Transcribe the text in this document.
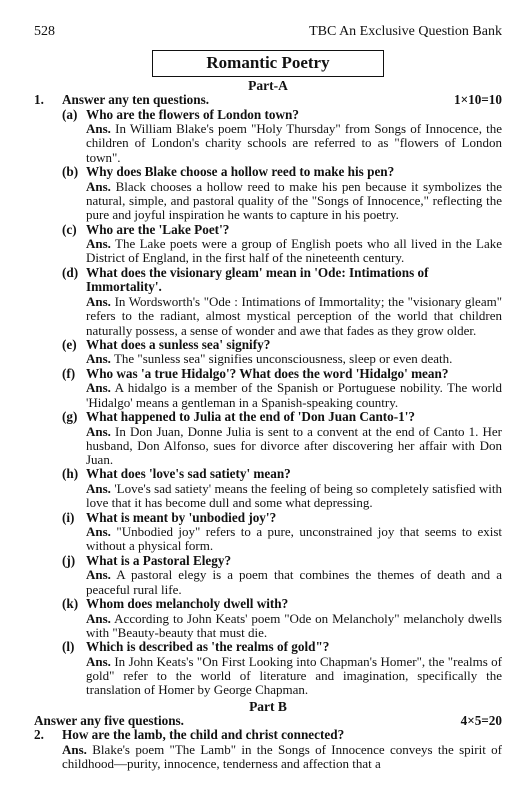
528	TBC An Exclusive Question Bank
Romantic Poetry
Part-A
1.	Answer any ten questions.	1×10=10
(a) Who are the flowers of London town?
Ans. In William Blake's poem "Holy Thursday" from Songs of Innocence, the children of London's charity schools are referred to as "flowers of London town".
(b) Why does Blake choose a hollow reed to make his pen?
Ans. Black chooses a hollow reed to make his pen because it symbolizes the natural, simple, and pastoral quality of the "Songs of Innocence," reflecting the pure and joyful inspiration he wants to capture in his poetry.
(c) Who are the 'Lake Poet'?
Ans. The Lake poets were a group of English poets who all lived in the Lake District of England, in the first half of the nineteenth century.
(d) What does the visionary gleam' mean in 'Ode: Intimations of Immortality'.
Ans. In Wordsworth's "Ode : Intimations of Immortality; the "visionary gleam" refers to the radiant, almost mystical perception of the world that children naturally possess, a sense of wonder and awe that fades as they grow older.
(e) What does a sunless sea' signify?
Ans. The "sunless sea" signifies unconsciousness, sleep or even death.
(f) Who was 'a true Hidalgo'? What does the word 'Hidalgo' mean?
Ans. A hidalgo is a member of the Spanish or Portuguese nobility. The world 'Hidalgo' means a gentleman in a Spanish-speaking country.
(g) What happened to Julia at the end of 'Don Juan Canto-1'?
Ans. In Don Juan, Donne Julia is sent to a convent at the end of Canto 1. Her husband, Don Alfonso, sues for divorce after discovering her affair with Don Juan.
(h) What does 'love's sad satiety' mean?
Ans. 'Love's sad satiety' means the feeling of being so completely satisfied with love that it has become dull and some what depressing.
(i) What is meant by 'unbodied joy'?
Ans. "Unbodied joy" refers to a pure, unconstrained joy that seems to exist without a physical form.
(j) What is a Pastoral Elegy?
Ans. A pastoral elegy is a poem that combines the themes of death and a peaceful rural life.
(k) Whom does melancholy dwell with?
Ans. According to John Keats' poem "Ode on Melancholy" melancholy dwells with "Beauty-beauty that must die.
(l) Which is described as 'the realms of gold"?
Ans. In John Keats's "On First Looking into Chapman's Homer", the "realms of gold" refer to the world of literature and imagination, specifically the translation of Homer by George Chapman.
Part B
Answer any five questions.	4×5=20
2.	How are the lamb, the child and christ connected?
Ans. Blake's poem "The Lamb" in the Songs of Innocence conveys the spirit of childhood—purity, innocence, tenderness and affection that a
